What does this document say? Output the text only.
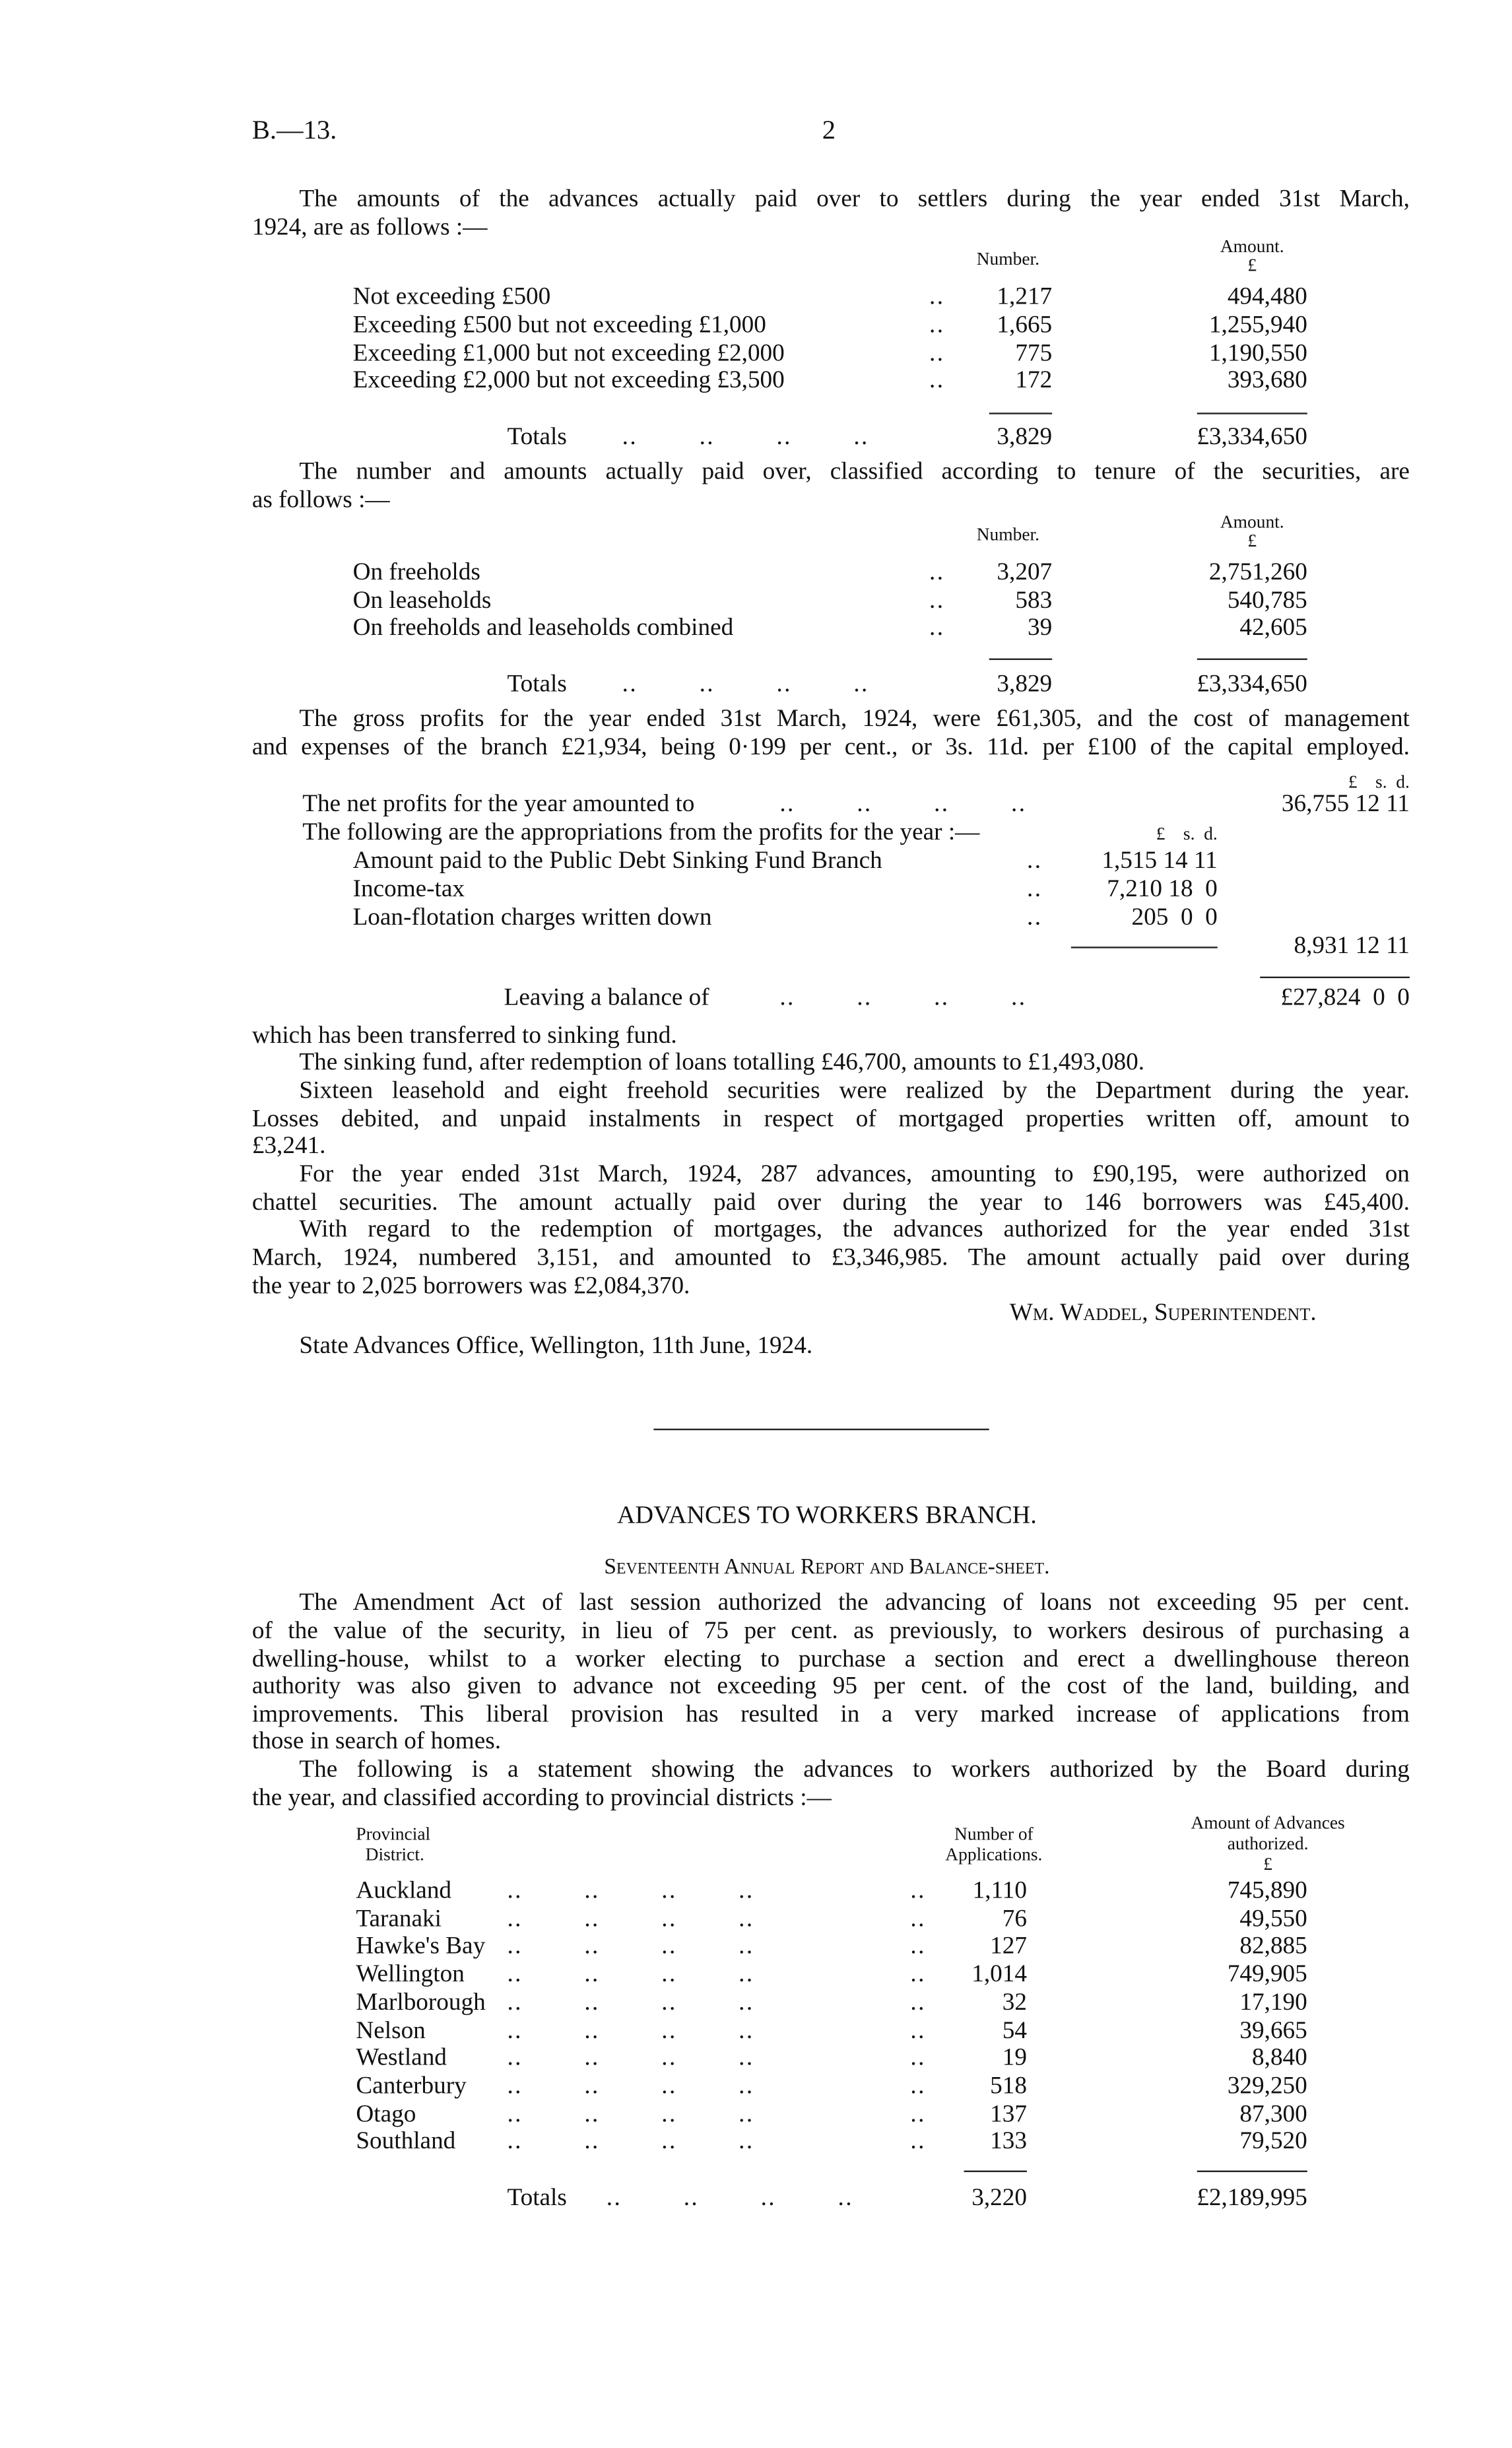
B.—13.	2
The amounts of the advances actually paid over to settlers during the year ended 31st March,
1924, are as follows :—
Number.
Amount.
£
Not exceeding £500	..	1,217	494,480
Exceeding £500 but not exceeding £1,000	..	1,665	1,255,940
Exceeding £1,000 but not exceeding £2,000	..	775	1,190,550
Exceeding £2,000 but not exceeding £3,500	..	172	393,680
Totals	..        ..        ..        ..	3,829	£3,334,650
The number and amounts actually paid over, classified according to tenure of the securities, are
as follows :—
Number.
Amount.
£
On freeholds	..	3,207	2,751,260
On leaseholds	..	583	540,785
On freeholds and leaseholds combined	..	39	42,605
Totals	..        ..        ..        ..	3,829	£3,334,650
The gross profits for the year ended 31st March, 1924, were £61,305, and the cost of management
and expenses of the branch £21,934, being 0·199 per cent., or 3s. 11d. per £100 of the capital employed.
£    s.  d.
The net profits for the year amounted to	..        ..        ..        ..	36,755 12 11
The following are the appropriations from the profits for the year :—	£    s.  d.
Amount paid to the Public Debt Sinking Fund Branch	..	1,515 14 11
Income-tax	..	7,210 18  0
Loan-flotation charges written down	..	205  0  0
8,931 12 11
Leaving a balance of	..        ..        ..        ..	£27,824  0  0
which has been transferred to sinking fund.
The sinking fund, after redemption of loans totalling £46,700, amounts to £1,493,080.
Sixteen leasehold and eight freehold securities were realized by the Department during the year.
Losses debited, and unpaid instalments in respect of mortgaged properties written off, amount to
£3,241.
For the year ended 31st March, 1924, 287 advances, amounting to £90,195, were authorized on
chattel securities. The amount actually paid over during the year to 146 borrowers was £45,400.
With regard to the redemption of mortgages, the advances authorized for the year ended 31st
March, 1924, numbered 3,151, and amounted to £3,346,985. The amount actually paid over during
the year to 2,025 borrowers was £2,084,370.
Wm. Waddel, Superintendent.
State Advances Office, Wellington, 11th June, 1924.
ADVANCES TO WORKERS BRANCH.
Seventeenth Annual Report and Balance-sheet.
The Amendment Act of last session authorized the advancing of loans not exceeding 95 per cent.
of the value of the security, in lieu of 75 per cent. as previously, to workers desirous of purchasing a
dwelling-house, whilst to a worker electing to purchase a section and erect a dwellinghouse thereon
authority was also given to advance not exceeding 95 per cent. of the cost of the land, building, and
improvements. This liberal provision has resulted in a very marked increase of applications from
those in search of homes.
The following is a statement showing the advances to workers authorized by the Board during
the year, and classified according to provincial districts :—
Provincial
District.
Number of
Applications.
Amount of Advances
authorized.
£
Auckland	..        ..        ..        ..	..	1,110	745,890
Taranaki	..        ..        ..        ..	..	76	49,550
Hawke's Bay ..        ..        ..        ..	..	127	82,885
Wellington	..        ..        ..        ..	..	1,014	749,905
Marlborough ..        ..        ..        ..	..	32	17,190
Nelson	..        ..        ..        ..	..	54	39,665
Westland	..        ..        ..        ..	..	19	8,840
Canterbury	..        ..        ..        ..	..	518	329,250
Otago	..        ..        ..        ..	..	137	87,300
Southland	..        ..        ..        ..	..	133	79,520
Totals	..        ..        ..        ..	3,220	£2,189,995
